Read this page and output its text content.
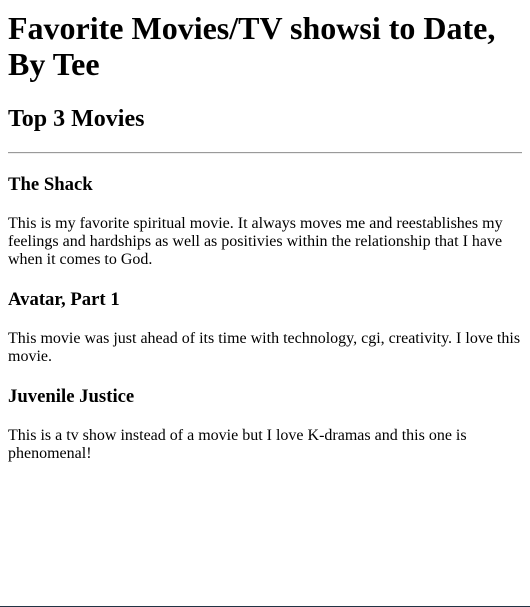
Favorite Movies/TV showsi to Date, By Tee
Top 3 Movies
The Shack

This is my favorite spiritual movie. It always moves me and reestablishes my feelings and hardships as well as positivies within the relationship that I have when it comes to God.

Avatar, Part 1

This movie was just ahead of its time with technology, cgi, creativity. I love this movie.

Juvenile Justice

This is a tv show instead of a movie but I love K-dramas and this one is phenomenal!
